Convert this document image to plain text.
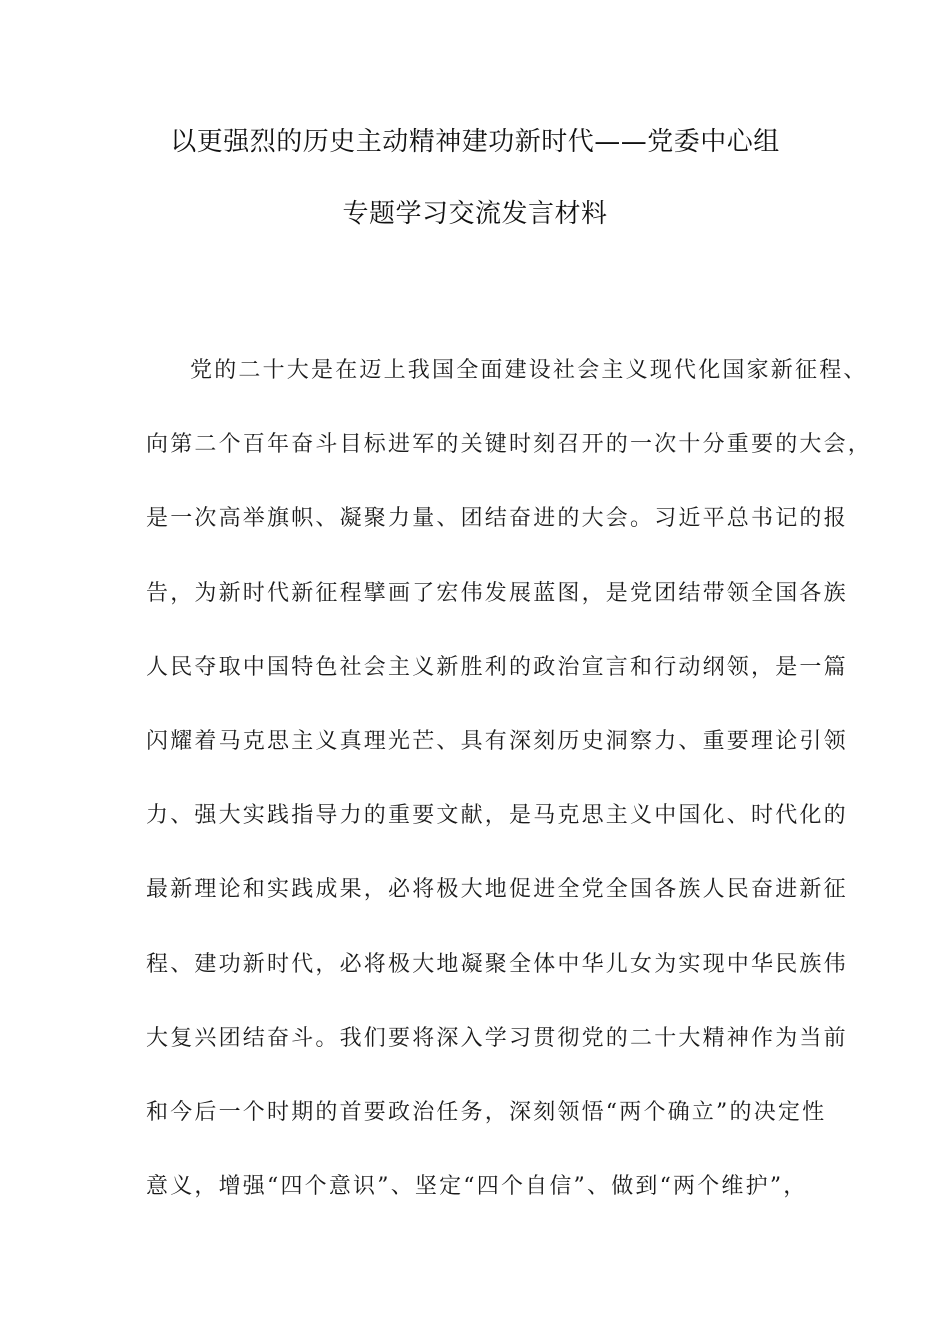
以更强烈的历史主动精神建功新时代——党委中心组
专题学习交流发言材料
党的二十大是在迈上我国全面建设社会主义现代化国家新征程、
向第二个百年奋斗目标进军的关键时刻召开的一次十分重要的大会，
是一次高举旗帜、凝聚力量、团结奋进的大会。习近平总书记的报
告，为新时代新征程擘画了宏伟发展蓝图，是党团结带领全国各族
人民夺取中国特色社会主义新胜利的政治宣言和行动纲领，是一篇
闪耀着马克思主义真理光芒、具有深刻历史洞察力、重要理论引领
力、强大实践指导力的重要文献，是马克思主义中国化、时代化的
最新理论和实践成果，必将极大地促进全党全国各族人民奋进新征
程、建功新时代，必将极大地凝聚全体中华儿女为实现中华民族伟
大复兴团结奋斗。我们要将深入学习贯彻党的二十大精神作为当前
和今后一个时期的首要政治任务，深刻领悟“两个确立”的决定性
意义，增强“四个意识”、坚定“四个自信”、做到“两个维护”，
